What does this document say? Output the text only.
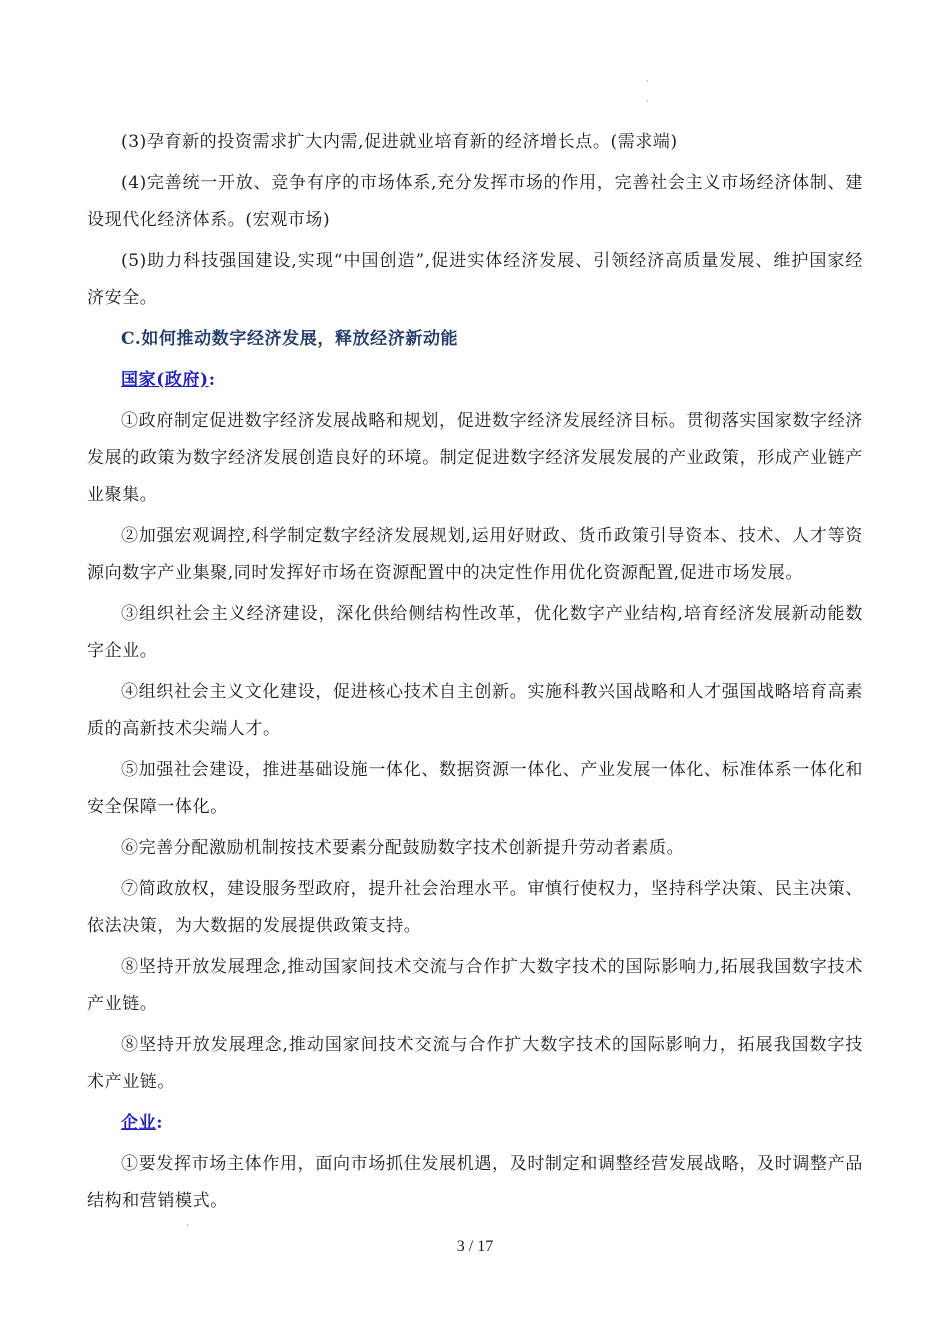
·
·

(3)孕育新的投资需求扩大内需,促进就业培育新的经济增长点。(需求端)

(4)完善统一开放、竞争有序的市场体系,充分发挥市场的作用，完善社会主义市场经济体制、建设现代化经济体系。(宏观市场)

(5)助力科技强国建设,实现“中国创造”,促进实体经济发展、引领经济高质量发展、维护国家经济安全。

C.如何推动数字经济发展，释放经济新动能

国家(政府):

①政府制定促进数字经济发展战略和规划，促进数字经济发展经济目标。贯彻落实国家数字经济发展的政策为数字经济发展创造良好的环境。制定促进数字经济发展发展的产业政策，形成产业链产业聚集。

②加强宏观调控,科学制定数字经济发展规划,运用好财政、货币政策引导资本、技术、人才等资源向数字产业集聚,同时发挥好市场在资源配置中的决定性作用优化资源配置,促进市场发展。

③组织社会主义经济建设，深化供给侧结构性改革，优化数字产业结构,培育经济发展新动能数字企业。

④组织社会主义文化建设，促进核心技术自主创新。实施科教兴国战略和人才强国战略培育高素质的高新技术尖端人才。

⑤加强社会建设，推进基础设施一体化、数据资源一体化、产业发展一体化、标准体系一体化和安全保障一体化。

⑥完善分配激励机制按技术要素分配鼓励数字技术创新提升劳动者素质。

⑦简政放权，建设服务型政府，提升社会治理水平。审慎行使权力，坚持科学决策、民主决策、依法决策，为大数据的发展提供政策支持。

⑧坚持开放发展理念,推动国家间技术交流与合作扩大数字技术的国际影响力,拓展我国数字技术产业链。

⑧坚持开放发展理念,推动国家间技术交流与合作扩大数字技术的国际影响力，拓展我国数字技术产业链。

企业:

①要发挥市场主体作用，面向市场抓住发展机遇，及时制定和调整经营发展战略，及时调整产品结构和营销模式。

·
3 / 17
